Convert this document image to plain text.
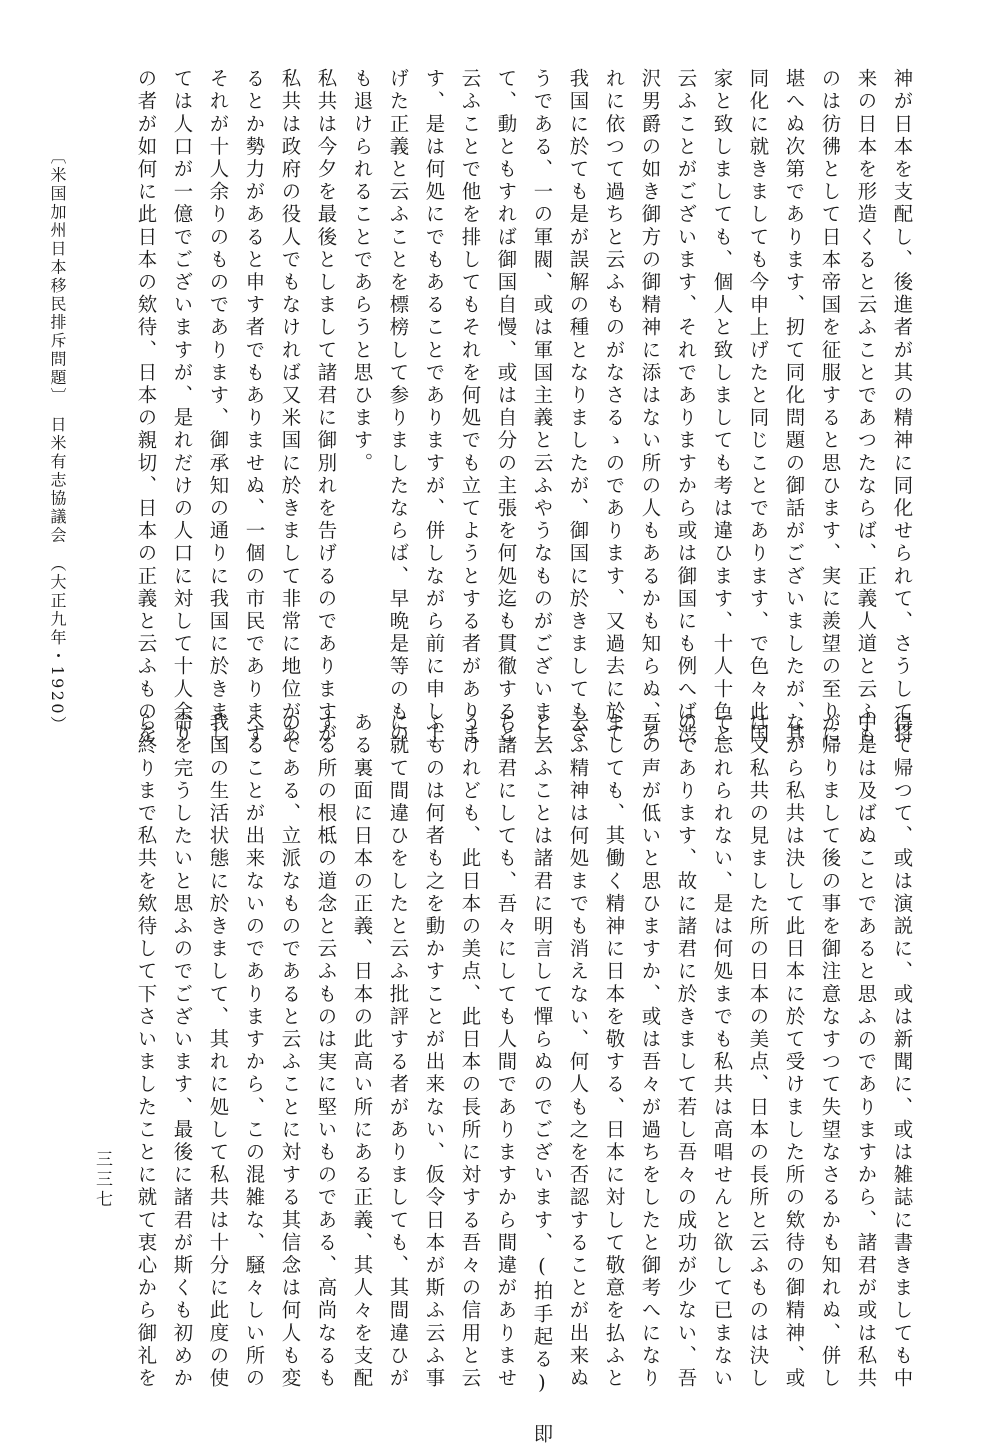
神が日本を支配し、後進者が其の精神に同化せられて、さうして将
来の日本を形造くると云ふことであつたならば、正義人道と云ふも
のは彷彿として日本帝国を征服すると思ひます、実に羨望の至りに
堪へぬ次第であります、扨て同化問題の御話がございましたが、其
同化に就きましても今申上げたと同じことであります、で色々此国
家と致しましても、個人と致しましても考は違ひます、十人十色と
云ふことがございます、それでありますから或は御国にも例へば渋
沢男爵の如き御方の御精神に添はない所の人もあるかも知らぬ、そ
れに依つて過ちと云ふものがなさるゝのであります、又過去に於て
我国に於ても是が誤解の種となりましたが、御国に於きましてもさ
うである、一の軍閥、或は軍国主義と云ふやうなものがございまし
て、動ともすれば御国自慢、或は自分の主張を何処迄も貫徹すると
云ふことで他を排してもそれを何処でも立てようとする者がありま
す、是は何処にでもあることでありますが、併しながら前に申し上
げた正義と云ふことを標榜して参りましたならば、早晩是等のもの
も退けられることであらうと思ひます。
私共は今夕を最後としまして諸君に御別れを告げるのでありますが
私共は政府の役人でもなければ又米国に於きまして非常に地位があ
るとか勢力があると申す者でもありませぬ、一個の市民であります
それが十人余りのものであります、御承知の通りに我国に於きまし
ては人口が一億でございますが、是れだけの人口に対して十人余り
の者が如何に此日本の欸待、日本の親切、日本の正義と云ふものを
得て帰つて、或は演説に、或は新聞に、或は雑誌に書きましても中
中是は及ばぬことであると思ふのでありますから、諸君が或は私共
が帰りまして後の事を御注意なすつて失望なさるかも知れぬ、併し
ながら私共は決して此日本に於て受けました所の欸待の御精神、或
は又私共の見ました所の日本の美点、日本の長所と云ふものは決し
て忘れられない、是は何処までも私共は高唱せんと欲して已まない
のであります、故に諸君に於きまして若し吾々の成功が少ない、吾
吾の声が低いと思ひますか、或は吾々が過ちをしたと御考へになり
ましても、其働く精神に日本を敬する、日本に対して敬意を払ふと
云ふ精神は何処までも消えない、何人も之を否認することが出来ぬ
と云ふことは諸君に明言して憚らぬのでございます、(拍手起る) 即
ち諸君にしても、吾々にしても人間でありますから間違がありませ
うけれども、此日本の美点、此日本の長所に対する吾々の信用と云
ふものは何者も之を動かすことが出来ない、仮令日本が斯ふ云ふ事
に就て間違ひをしたと云ふ批評する者がありましても、其間違ひが
ある裏面に日本の正義、日本の此高い所にある正義、其人々を支配
する所の根柢の道念と云ふものは実に堅いものである、高尚なるも
のである、立派なものであると云ふことに対する其信念は何人も変
へることが出来ないのでありますから、この混雑な、騒々しい所の
我国の生活状態に於きまして、其れに処して私共は十分に此度の使
命を完うしたいと思ふのでございます、最後に諸君が斯くも初めか
ら終りまで私共を欸待して下さいましたことに就て衷心から御礼を
〔米国加州日本移民排斥問題〕　日米有志協議会　（大正九年・1920）
三三七
